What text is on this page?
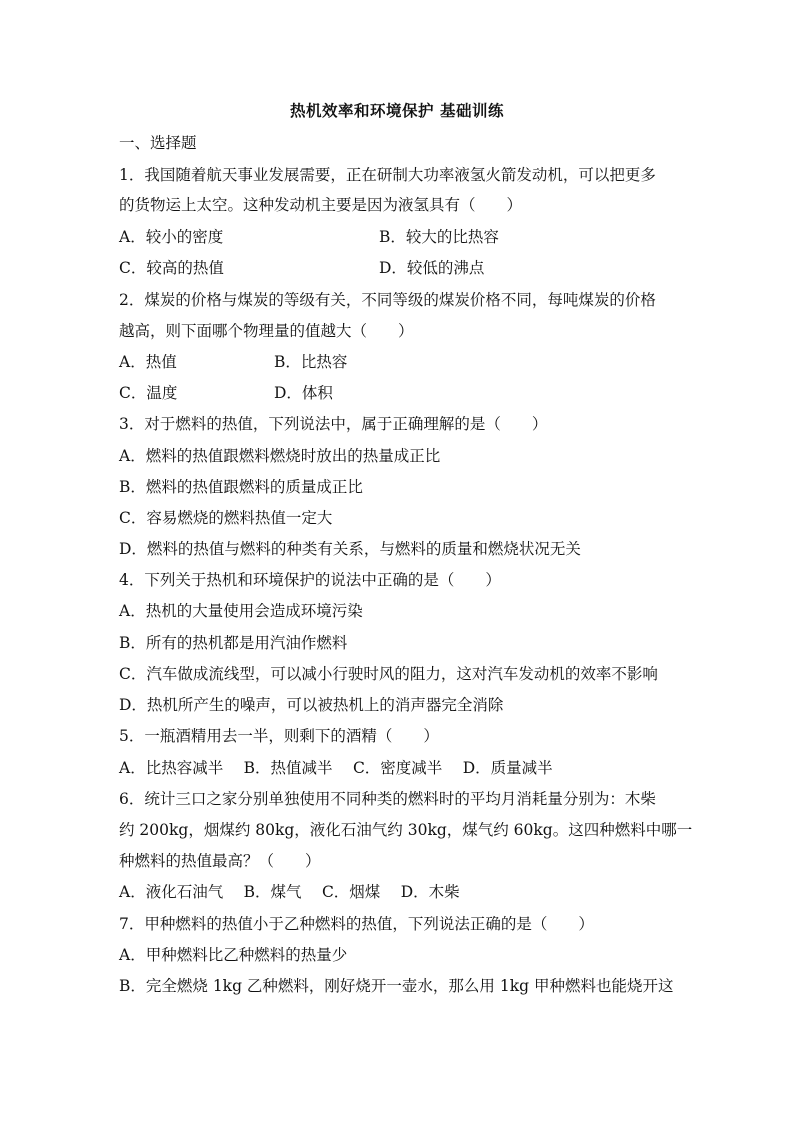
热机效率和环境保护 基础训练
一、选择题
1．我国随着航天事业发展需要，正在研制大功率液氢火箭发动机，可以把更多
的货物运上太空。这种发动机主要是因为液氢具有（　　）
A．较小的密度	B．较大的比热容
C．较高的热值	D．较低的沸点
2．煤炭的价格与煤炭的等级有关，不同等级的煤炭价格不同，每吨煤炭的价格
越高，则下面哪个物理量的值越大（　　）
A．热值	B．比热容
C．温度	D．体积
3．对于燃料的热值，下列说法中，属于正确理解的是（　　）
A．燃料的热值跟燃料燃烧时放出的热量成正比
B．燃料的热值跟燃料的质量成正比
C．容易燃烧的燃料热值一定大
D．燃料的热值与燃料的种类有关系，与燃料的质量和燃烧状况无关
4．下列关于热机和环境保护的说法中正确的是（　　）
A．热机的大量使用会造成环境污染
B．所有的热机都是用汽油作燃料
C．汽车做成流线型，可以减小行驶时风的阻力，这对汽车发动机的效率不影响
D．热机所产生的噪声，可以被热机上的消声器完全消除
5．一瓶酒精用去一半，则剩下的酒精（　　）
A．比热容减半　 B．热值减半　 C．密度减半　 D．质量减半
6．统计三口之家分别单独使用不同种类的燃料时的平均月消耗量分别为：木柴
约 200kg，烟煤约 80kg，液化石油气约 30kg，煤气约 60kg。这四种燃料中哪一
种燃料的热值最高？（　　）
A．液化石油气　 B．煤气　 C．烟煤　 D．木柴
7．甲种燃料的热值小于乙种燃料的热值，下列说法正确的是（　　）
A．甲种燃料比乙种燃料的热量少
B．完全燃烧 1kg 乙种燃料，刚好烧开一壶水，那么用 1kg 甲种燃料也能烧开这
